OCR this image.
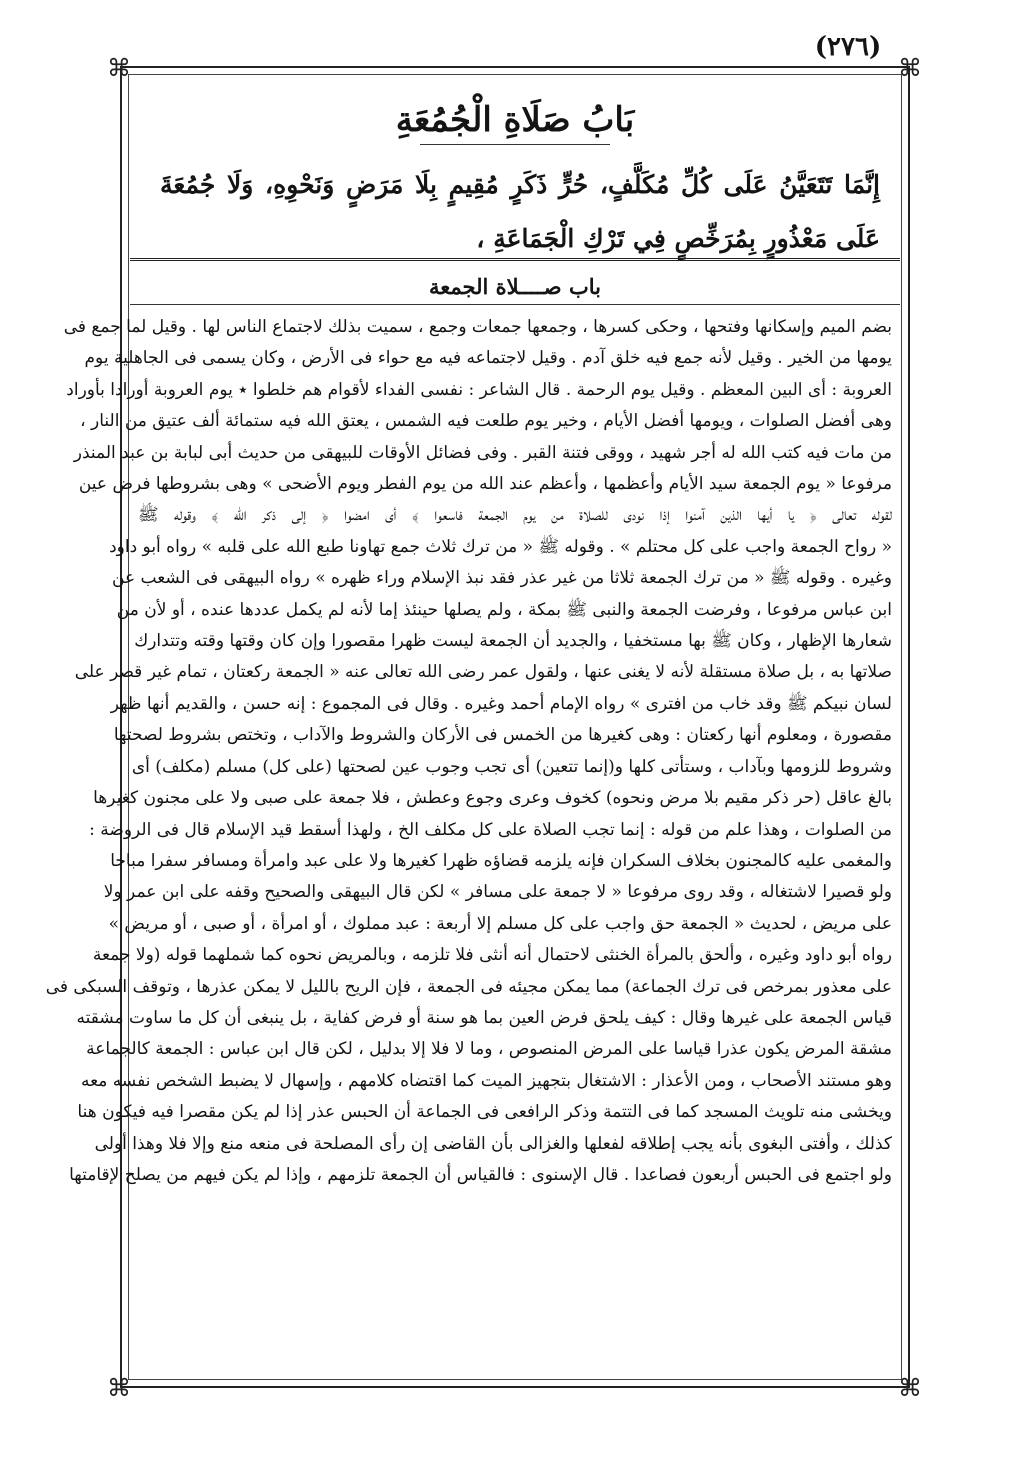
(٢٧٦)
⌘	⌘
⌘	⌘
بَابُ صَلَاةِ الْجُمُعَةِ
إِنَّمَا تَتَعَيَّنُ عَلَى كُلِّ مُكَلَّفٍ، حُرٍّ ذَكَرٍ مُقِيمٍ بِلَا مَرَضٍ وَنَحْوِهِ، وَلَا جُمُعَةَ عَلَى مَعْذُورٍ بِمُرَخِّصٍ فِي تَرْكِ الْجَمَاعَةِ ،
باب صــــلاة الجمعة

بضم الميم وإسكانها وفتحها ، وحكى كسرها ، وجمعها جمعات وجمع ، سميت بذلك لاجتماع الناس لها . وقيل لما جمع فى

يومها من الخير . وقيل لأنه جمع فيه خلق آدم . وقيل لاجتماعه فيه مع حواء فى الأرض ، وكان يسمى فى الجاهلية يوم

العروبة : أى البين المعظم . وقيل يوم الرحمة . قال الشاعر : نفسى الفداء لأقوام هم خلطوا ٭ يوم العروبة أورادا بأوراد

وهى أفضل الصلوات ، ويومها أفضل الأيام ، وخير يوم طلعت فيه الشمس ، يعتق الله فيه ستمائة ألف عتيق من النار ،

من مات فيه كتب الله له أجر شهيد ، ووقى فتنة القبر . وفى فضائل الأوقات للبيهقى من حديث أبى لبابة بن عبد المنذر

مرفوعا « يوم الجمعة سيد الأيام وأعظمها ، وأعظم عند الله من يوم الفطر ويوم الأضحى » وهى بشروطها فرض عين

لقوله تعالى ﴿ يا أيها الذين آمنوا إذا نودى للصلاة من يوم الجمعة فاسعوا ﴾ أى امضوا ﴿ إلى ذكر الله ﴾ وقوله ﷺ

« رواح الجمعة واجب على كل محتلم » . وقوله ﷺ « من ترك ثلاث جمع تهاونا طبع الله على قلبه » رواه أبو داود

وغيره . وقوله ﷺ « من ترك الجمعة ثلاثا من غير عذر فقد نبذ الإسلام وراء ظهره » رواه البيهقى فى الشعب عن

ابن عباس مرفوعا ، وفرضت الجمعة والنبى ﷺ بمكة ، ولم يصلها حينئذ إما لأنه لم يكمل عددها عنده ، أو لأن من

شعارها الإظهار ، وكان ﷺ بها مستخفيا ، والجديد أن الجمعة ليست ظهرا مقصورا وإن كان وقتها وقته وتتدارك

صلاتها به ، بل صلاة مستقلة لأنه لا يغنى عنها ، ولقول عمر رضى الله تعالى عنه « الجمعة ركعتان ، تمام غير قصر على

لسان نبيكم ﷺ وقد خاب من افترى » رواه الإمام أحمد وغيره . وقال فى المجموع : إنه حسن ، والقديم أنها ظهر

مقصورة ، ومعلوم أنها ركعتان : وهى كغيرها من الخمس فى الأركان والشروط والآداب ، وتختص بشروط لصحتها

وشروط للزومها وبآداب ، وستأتى كلها و(إنما تتعين) أى تجب وجوب عين لصحتها (على كل) مسلم (مكلف) أى

بالغ عاقل (حر ذكر مقيم بلا مرض ونحوه) كخوف وعرى وجوع وعطش ، فلا جمعة على صبى ولا على مجنون كغيرها

من الصلوات ، وهذا علم من قوله : إنما تجب الصلاة على كل مكلف الخ ، ولهذا أسقط قيد الإسلام قال فى الروضة :

والمغمى عليه كالمجنون بخلاف السكران فإنه يلزمه قضاؤه ظهرا كغيرها ولا على عبد وامرأة ومسافر سفرا مباحا

ولو قصيرا لاشتغاله ، وقد روى مرفوعا « لا جمعة على مسافر » لكن قال البيهقى والصحيح وقفه على ابن عمر ولا

على مريض ، لحديث « الجمعة حق واجب على كل مسلم إلا أربعة : عبد مملوك ، أو امرأة ، أو صبى ، أو مريض »

رواه أبو داود وغيره ، وألحق بالمرأة الخنثى لاحتمال أنه أنثى فلا تلزمه ، وبالمريض نحوه كما شملهما قوله (ولا جمعة

على معذور بمرخص فى ترك الجماعة) مما يمكن مجيئه فى الجمعة ، فإن الريح بالليل لا يمكن عذرها ، وتوقف السبكى فى

قياس الجمعة على غيرها وقال : كيف يلحق فرض العين بما هو سنة أو فرض كفاية ، بل ينبغى أن كل ما ساوت مشقته

مشقة المرض يكون عذرا قياسا على المرض المنصوص ، وما لا فلا إلا بدليل ، لكن قال ابن عباس : الجمعة كالجماعة

وهو مستند الأصحاب ، ومن الأعذار : الاشتغال بتجهيز الميت كما اقتضاه كلامهم ، وإسهال لا يضبط الشخص نفسه معه

ويخشى منه تلويث المسجد كما فى التتمة وذكر الرافعى فى الجماعة أن الحبس عذر إذا لم يكن مقصرا فيه فيكون هنا

كذلك ، وأفتى البغوى بأنه يجب إطلاقه لفعلها والغزالى بأن القاضى إن رأى المصلحة فى منعه منع وإلا فلا وهذا أولى

ولو اجتمع فى الحبس أربعون فصاعدا . قال الإسنوى : فالقياس أن الجمعة تلزمهم ، وإذا لم يكن فيهم من يصلح لإقامتها
